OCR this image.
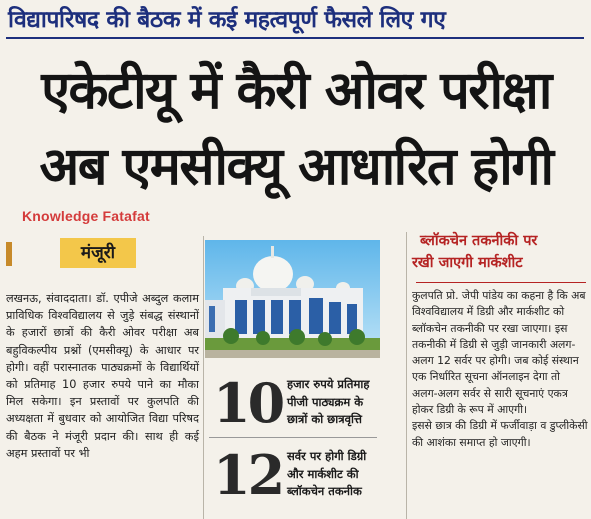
विद्यापरिषद की बैठक में कई महत्वपूर्ण फैसले लिए गए
एकेटीयू में कैरी ओवर परीक्षा
अब एमसीक्यू आधारित होगी
Knowledge Fatafat
मंजूरी

लखनऊ, संवाददाता। डॉ. एपीजे अब्दुल कलाम प्राविधिक विश्वविद्यालय से जुड़े संबद्ध संस्थानों के हजारों छात्रों की कैरी ओवर परीक्षा अब बहुविकल्पीय प्रश्नों (एमसीक्यू) के आधार पर होगी। वहीं परास्नातक पाठ्यक्रमों के विद्यार्थियों को प्रतिमाह 10 हजार रुपये पाने का मौका मिल सकेगा। इन प्रस्तावों पर कुलपति की अध्यक्षता में बुधवार को आयोजित विद्या परिषद की बैठक ने मंजूरी प्रदान की। साथ ही कई अहम प्रस्तावों पर भी

10 हजार रुपये प्रतिमाह पीजी पाठ्यक्रम के छात्रों को छात्रवृत्ति
12 सर्वर पर होगी डिग्री और मार्कशीट की ब्लॉकचेन तकनीक
ब्लॉकचेन तकनीकी पर
रखी जाएगी मार्कशीट

कुलपति प्रो. जेपी पांडेय का कहना है कि अब विश्वविद्यालय में डिग्री और मार्कशीट को ब्लॉकचेन तकनीकी पर रखा जाएगा। इस तकनीकी में डिग्री से जुड़ी जानकारी अलग-अलग 12 सर्वर पर होगी। जब कोई संस्थान एक निर्धारित सूचना ऑनलाइन देगा तो अलग-अलग सर्वर से सारी सूचनाएं एकत्र होकर डिग्री के रूप में आएगी।

इससे छात्र की डिग्री में फर्जीवाड़ा व डुप्लीकेसी की आशंका समाप्त हो जाएगी।
